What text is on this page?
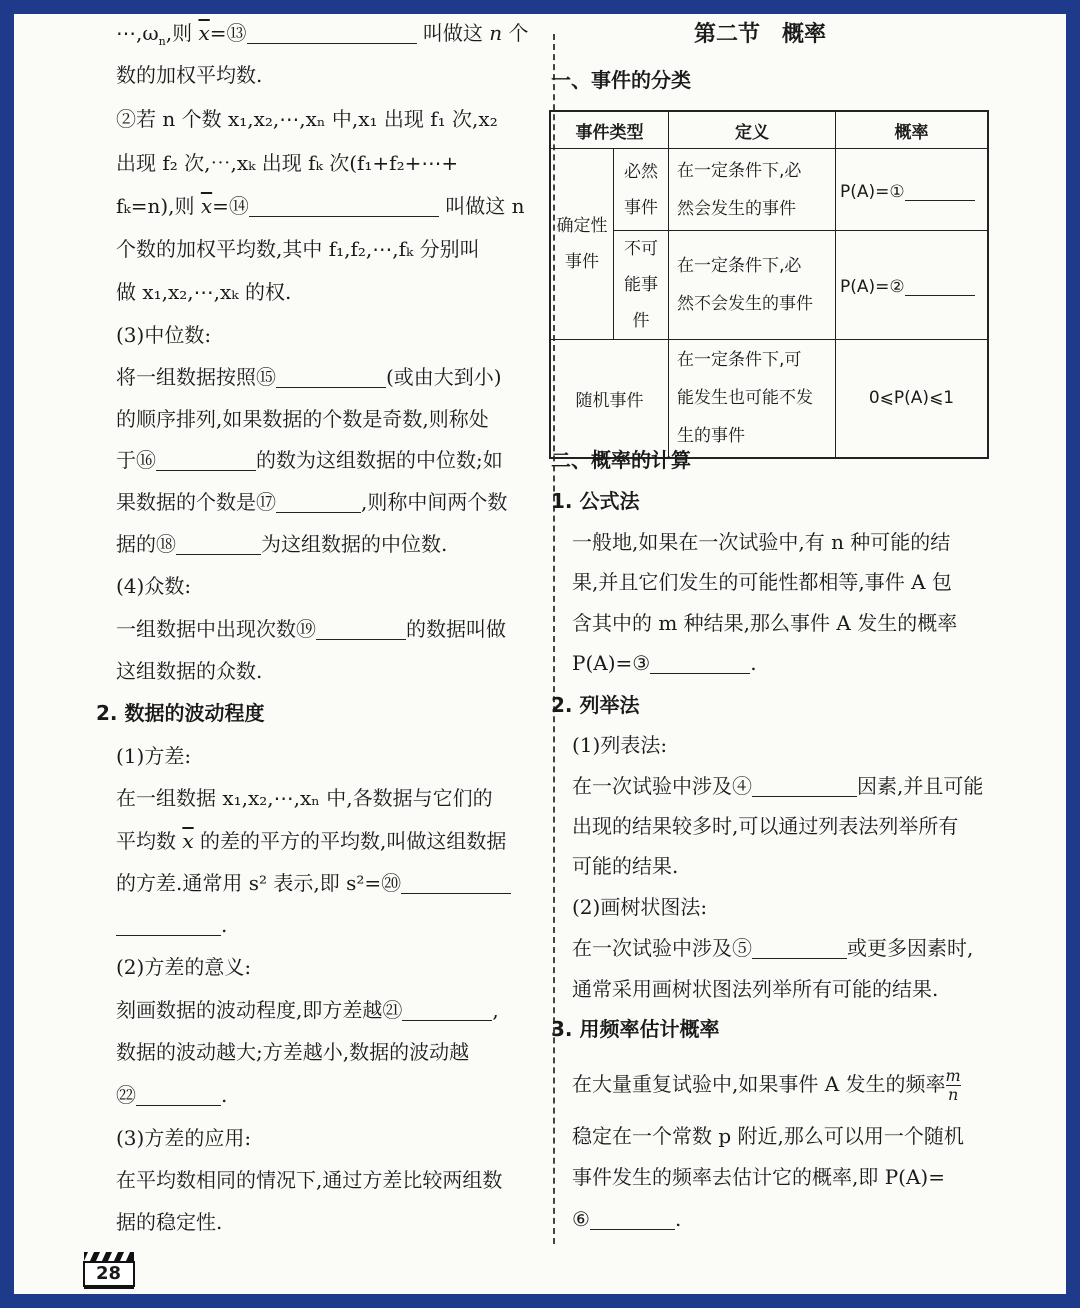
$\cdots,\omega_n$,则 $\overline{x}=⑬$	叫做这 n 个
数的加权平均数.
②若 n 个数 x₁,x₂,⋯,xₙ 中,x₁ 出现 f₁ 次,x₂
出现 f₂ 次,⋯,xₖ 出现 fₖ 次(f₁+f₂+⋯+
fₖ=n),则 $\overline{x}=⑭$	叫做这 n
个数的加权平均数,其中 f₁,f₂,⋯,fₖ 分别叫
做 x₁,x₂,⋯,xₖ 的权.
(3)中位数:
将一组数据按照⑮	(或由大到小)
的顺序排列,如果数据的个数是奇数,则称处
于⑯	的数为这组数据的中位数;如
果数据的个数是⑰	,则称中间两个数
据的⑱	为这组数据的中位数.
(4)众数:
一组数据中出现次数⑲	的数据叫做
这组数据的众数.
2. 数据的波动程度
(1)方差:
在一组数据 x₁,x₂,⋯,xₙ 中,各数据与它们的
平均数 $\overline{x}$ 的差的平方的平均数,叫做这组数据
的方差.通常用 s² 表示,即 s²=⑳
.
(2)方差的意义:
刻画数据的波动程度,即方差越㉑	,
数据的波动越大;方差越小,数据的波动越
㉒	.
(3)方差的应用:
在平均数相同的情况下,通过方差比较两组数
据的稳定性.
第二节　概率
一、事件的分类
事件类型		定义	概率
确定性事件	必然事件	在一定条件下,必
然会发生的事件	P(A)=①
	不可能事件	在一定条件下,必
然不会发生的事件	P(A)=②
随机事件		在一定条件下,可
能发生也可能不发
生的事件	0⩽P(A)⩽1
二、概率的计算
1. 公式法
一般地,如果在一次试验中,有 n 种可能的结
果,并且它们发生的可能性都相等,事件 A 包
含其中的 m 种结果,那么事件 A 发生的概率
P(A)=③	.
2. 列举法
(1)列表法:
在一次试验中涉及④	因素,并且可能
出现的结果较多时,可以通过列表法列举所有
可能的结果.
(2)画树状图法:
在一次试验中涉及⑤	或更多因素时,
通常采用画树状图法列举所有可能的结果.
3. 用频率估计概率
在大量重复试验中,如果事件 A 发生的频率 $\frac{m}{n}$
稳定在一个常数 p 附近,那么可以用一个随机
事件发生的频率去估计它的概率,即 P(A)=
⑥	.
28
